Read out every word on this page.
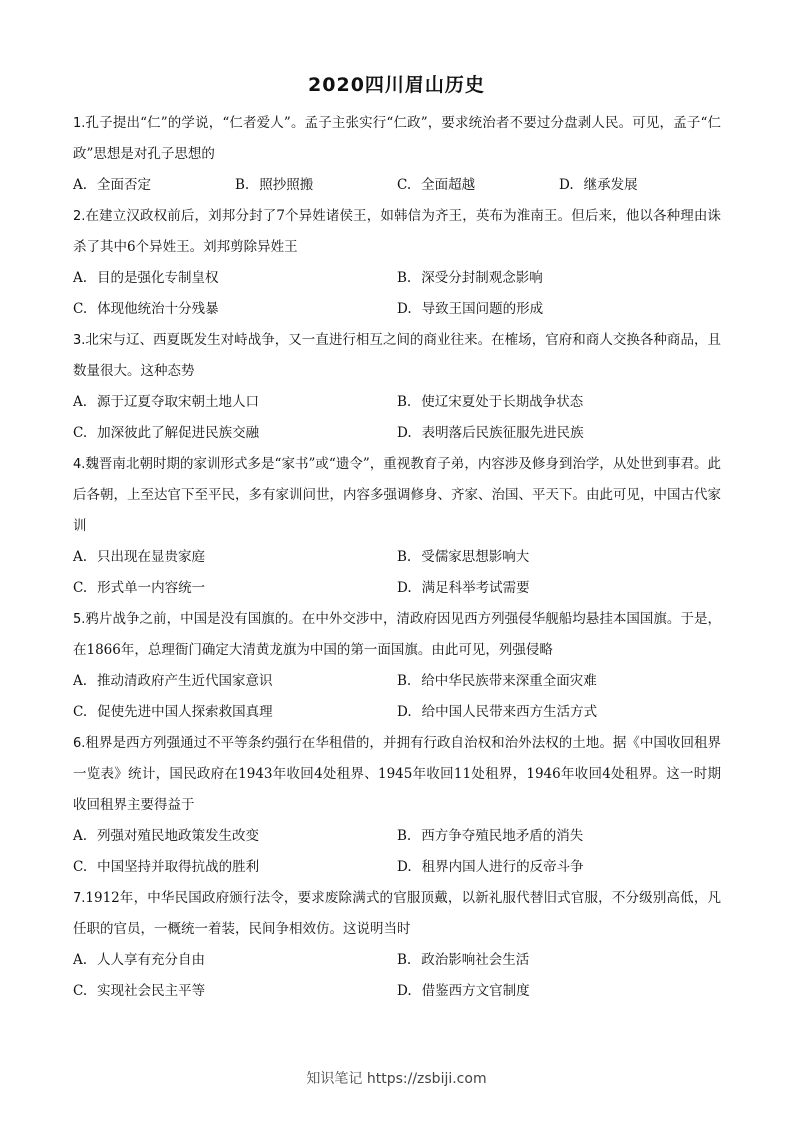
2020四川眉山历史

1.孔子提出“仁”的学说，“仁者爱人”。孟子主张实行“仁政”，要求统治者不要过分盘剥人民。可见，孟子“仁政”思想是对孔子思想的

A. 全面否定	B. 照抄照搬	C. 全面超越	D. 继承发展

2.在建立汉政权前后，刘邦分封了7个异姓诸侯王，如韩信为齐王，英布为淮南王。但后来，他以各种理由诛杀了其中6个异姓王。刘邦剪除异姓王

A. 目的是强化专制皇权	B. 深受分封制观念影响
C. 体现他统治十分残暴	D. 导致王国问题的形成

3.北宋与辽、西夏既发生对峙战争，又一直进行相互之间的商业往来。在榷场，官府和商人交换各种商品，且数量很大。这种态势

A. 源于辽夏夺取宋朝土地人口	B. 使辽宋夏处于长期战争状态
C. 加深彼此了解促进民族交融	D. 表明落后民族征服先进民族

4.魏晋南北朝时期的家训形式多是“家书”或“遗令”，重视教育子弟，内容涉及修身到治学，从处世到事君。此后各朝，上至达官下至平民，多有家训问世，内容多强调修身、齐家、治国、平天下。由此可见，中国古代家训

A. 只出现在显贵家庭	B. 受儒家思想影响大
C. 形式单一内容统一	D. 满足科举考试需要

5.鸦片战争之前，中国是没有国旗的。在中外交涉中，清政府因见西方列强侵华舰船均悬挂本国国旗。于是，在1866年，总理衙门确定大清黄龙旗为中国的第一面国旗。由此可见，列强侵略

A. 推动清政府产生近代国家意识	B. 给中华民族带来深重全面灾难
C. 促使先进中国人探索救国真理	D. 给中国人民带来西方生活方式

6.租界是西方列强通过不平等条约强行在华租借的，并拥有行政自治权和治外法权的土地。据《中国收回租界一览表》统计，国民政府在1943年收回4处租界、1945年收回11处租界，1946年收回4处租界。这一时期收回租界主要得益于

A. 列强对殖民地政策发生改变	B. 西方争夺殖民地矛盾的消失
C. 中国坚持并取得抗战的胜利	D. 租界内国人进行的反帝斗争

7.1912年，中华民国政府颁行法令，要求废除满式的官服顶戴，以新礼服代替旧式官服，不分级别高低，凡任职的官员，一概统一着装，民间争相效仿。这说明当时

A. 人人享有充分自由	B. 政治影响社会生活
C. 实现社会民主平等	D. 借鉴西方文官制度
知识笔记 https://zsbiji.com
